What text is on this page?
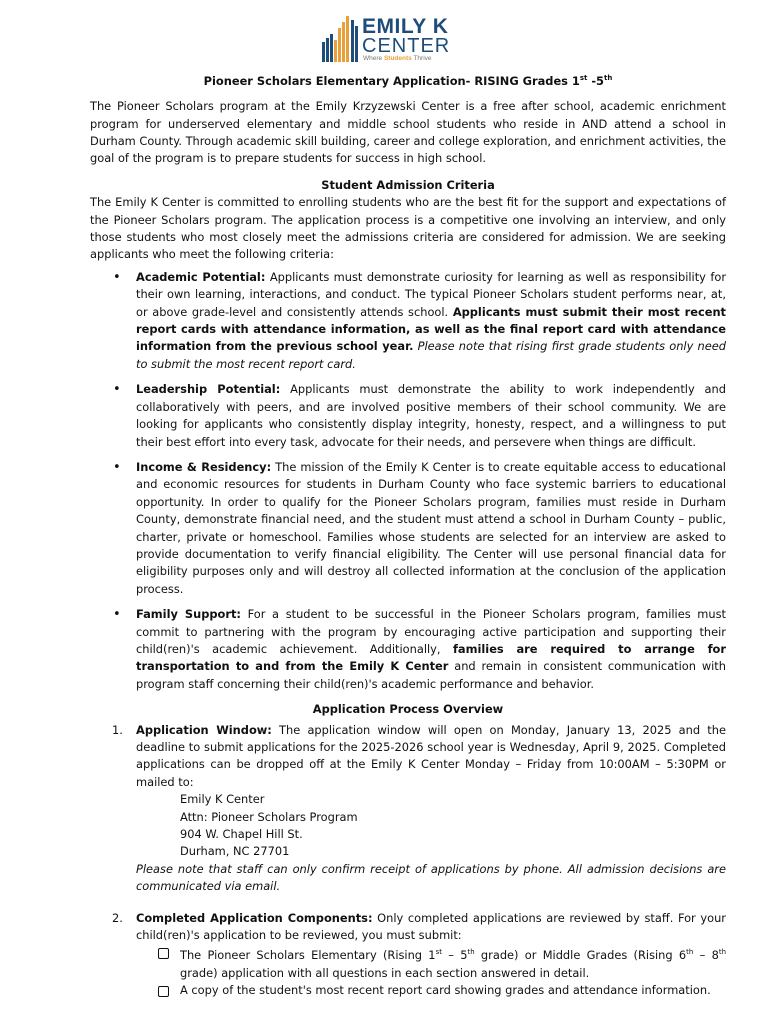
EMILY K
CENTER
Where Students Thrive

Pioneer Scholars Elementary Application- RISING Grades 1st -5th

The Pioneer Scholars program at the Emily Krzyzewski Center is a free after school, academic enrichment program for underserved elementary and middle school students who reside in AND attend a school in Durham County. Through academic skill building, career and college exploration, and enrichment activities, the goal of the program is to prepare students for success in high school.

Student Admission Criteria

The Emily K Center is committed to enrolling students who are the best fit for the support and expectations of the Pioneer Scholars program. The application process is a competitive one involving an interview, and only those students who most closely meet the admissions criteria are considered for admission. We are seeking applicants who meet the following criteria:

• Academic Potential: Applicants must demonstrate curiosity for learning as well as responsibility for their own learning, interactions, and conduct. The typical Pioneer Scholars student performs near, at, or above grade-level and consistently attends school. Applicants must submit their most recent report cards with attendance information, as well as the final report card with attendance information from the previous school year. Please note that rising first grade students only need to submit the most recent report card.
• Leadership Potential: Applicants must demonstrate the ability to work independently and collaboratively with peers, and are involved positive members of their school community. We are looking for applicants who consistently display integrity, honesty, respect, and a willingness to put their best effort into every task, advocate for their needs, and persevere when things are difficult.
• Income & Residency: The mission of the Emily K Center is to create equitable access to educational and economic resources for students in Durham County who face systemic barriers to educational opportunity. In order to qualify for the Pioneer Scholars program, families must reside in Durham County, demonstrate financial need, and the student must attend a school in Durham County – public, charter, private or homeschool. Families whose students are selected for an interview are asked to provide documentation to verify financial eligibility. The Center will use personal financial data for eligibility purposes only and will destroy all collected information at the conclusion of the application process.
• Family Support: For a student to be successful in the Pioneer Scholars program, families must commit to partnering with the program by encouraging active participation and supporting their child(ren)'s academic achievement. Additionally, families are required to arrange for transportation to and from the Emily K Center and remain in consistent communication with program staff concerning their child(ren)'s academic performance and behavior.

Application Process Overview

1. Application Window: The application window will open on Monday, January 13, 2025 and the deadline to submit applications for the 2025-2026 school year is Wednesday, April 9, 2025. Completed applications can be dropped off at the Emily K Center Monday – Friday from 10:00AM – 5:30PM or mailed to:

Emily K Center
Attn: Pioneer Scholars Program
904 W. Chapel Hill St.
Durham, NC 27701

Please note that staff can only confirm receipt of applications by phone. All admission decisions are communicated via email.

2. Completed Application Components: Only completed applications are reviewed by staff. For your child(ren)'s application to be reviewed, you must submit:

The Pioneer Scholars Elementary (Rising 1st – 5th grade) or Middle Grades (Rising 6th – 8th grade) application with all questions in each section answered in detail.
A copy of the student's most recent report card showing grades and attendance information.
